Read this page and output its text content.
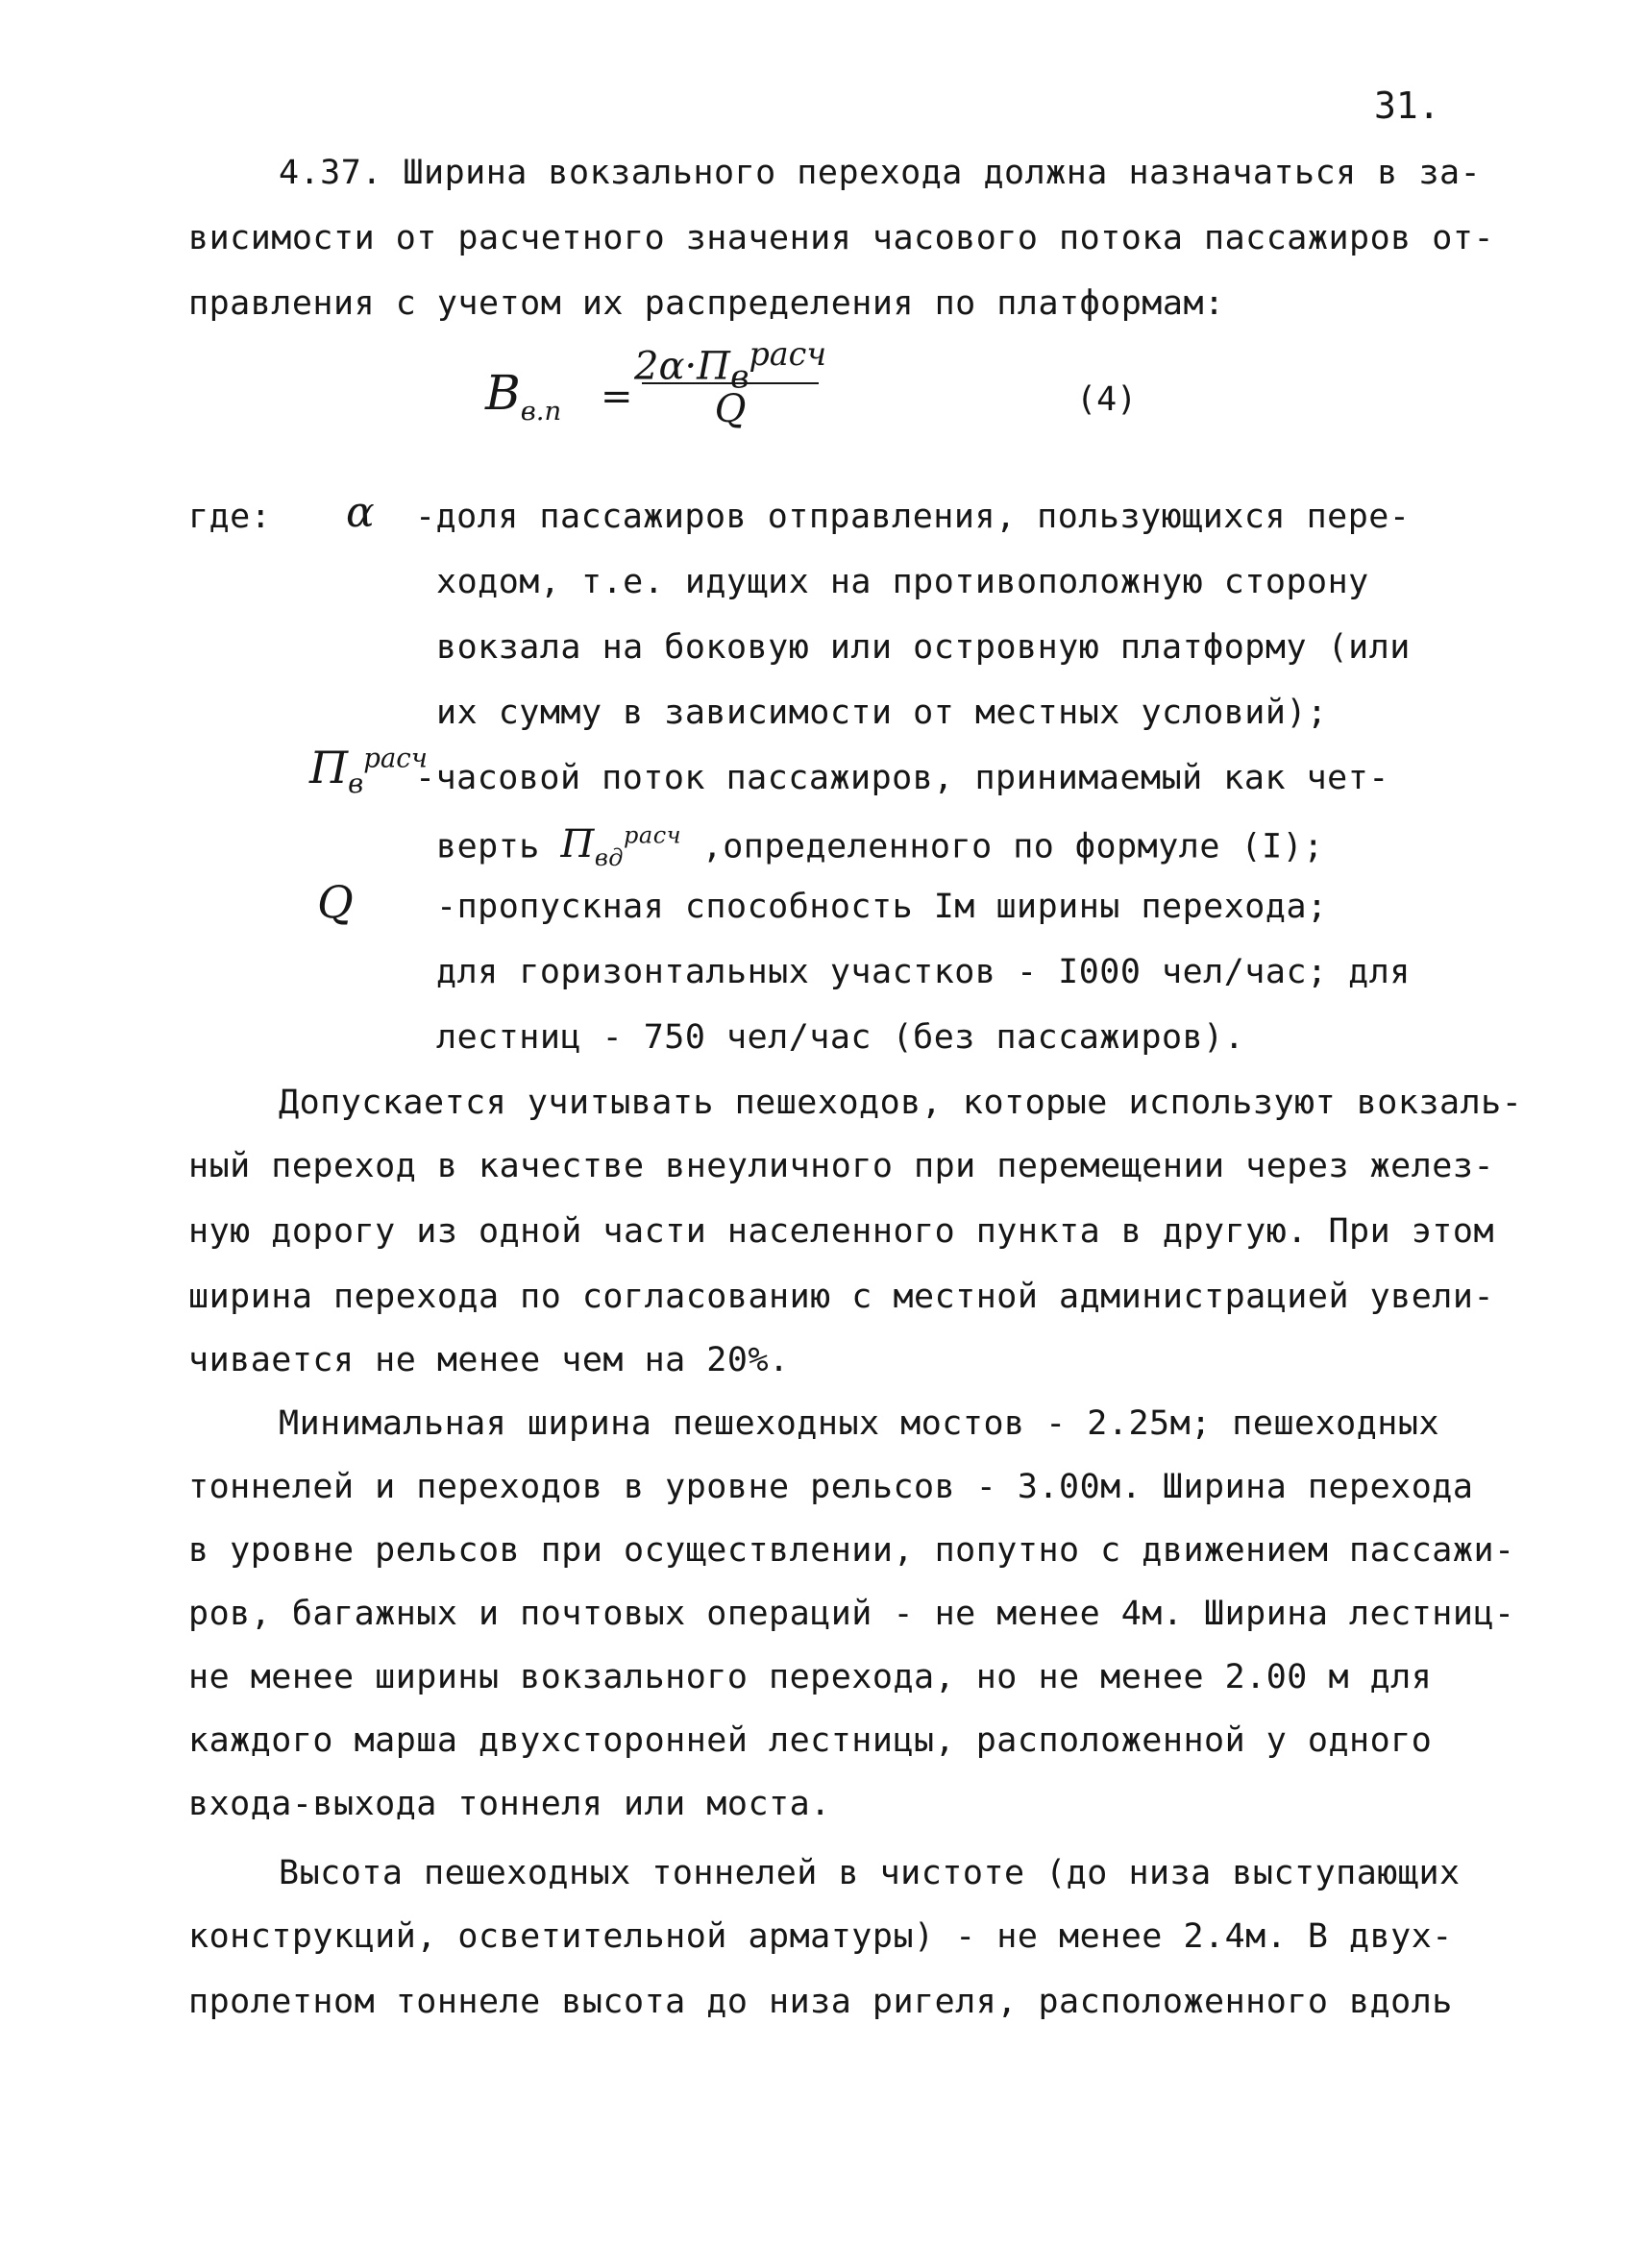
31.
4.37. Ширина вокзального перехода должна назначаться в за-
висимости от расчетного значения часового потока пассажиров от-
правления с учетом их распределения по платформам:
$B_{в.п}$ =
$2\alpha\cdot П_в^{расч}$
Q	(4)
где: α -доля пассажиров отправления, пользующихся пере-
ходом, т.е. идущих на противоположную сторону
вокзала на боковую или островную платформу (или
их сумму в зависимости от местных условий);
$П_в^{расч}$
-часовой поток пассажиров, принимаемый как чет-
верть $П_{вд}^{расч}$ ,определенного по формуле (I);
Q -пропускная способность Iм ширины перехода;
для горизонтальных участков - I000 чел/час; для
лестниц - 750 чел/час (без пассажиров).
Допускается учитывать пешеходов, которые используют вокзаль-
ный переход в качестве внеуличного при перемещении через желез-
ную дорогу из одной части населенного пункта в другую. При этом
ширина перехода по согласованию с местной администрацией увели-
чивается не менее чем на 20%.
Минимальная ширина пешеходных мостов - 2.25м; пешеходных
тоннелей и переходов в уровне рельсов - 3.00м. Ширина перехода
в уровне рельсов при осуществлении, попутно с движением пассажи-
ров, багажных и почтовых операций - не менее 4м. Ширина лестниц-
не менее ширины вокзального перехода, но не менее 2.00 м для
каждого марша двухсторонней лестницы, расположенной у одного
входа-выхода тоннеля или моста.
Высота пешеходных тоннелей в чистоте (до низа выступающих
конструкций, осветительной арматуры) - не менее 2.4м. В двух-
пролетном тоннеле высота до низа ригеля, расположенного вдоль
